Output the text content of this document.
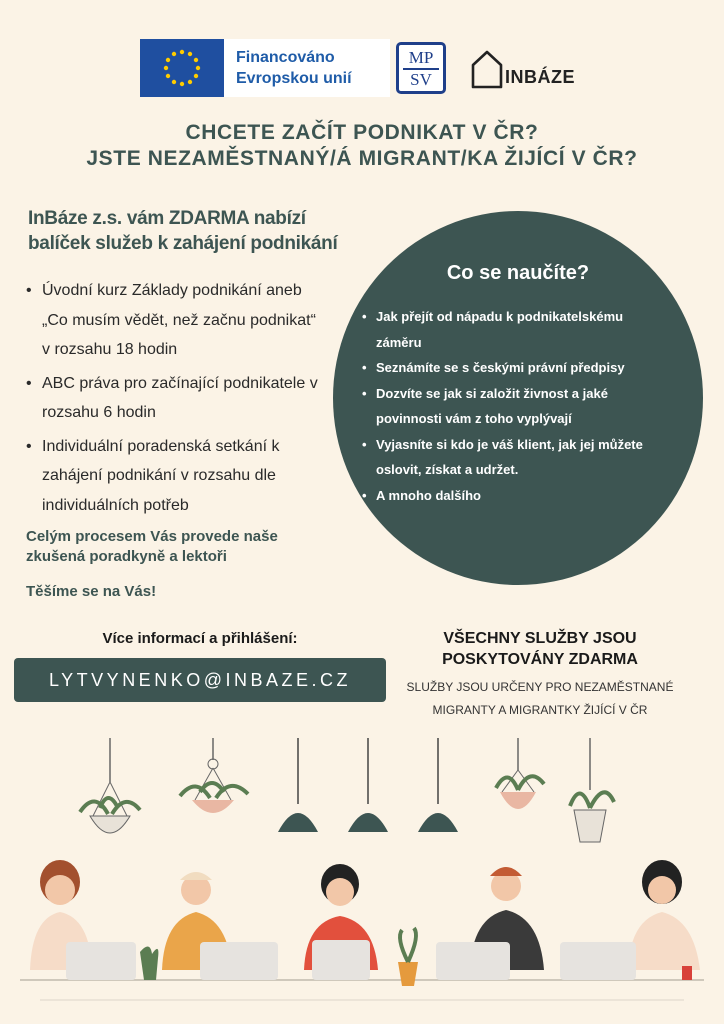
Financováno
Evropskou unií
MP
SV	INBÁZE
CHCETE ZAČÍT PODNIKAT V ČR?
JSTE NEZAMĚSTNANÝ/Á MIGRANT/KA ŽIJÍCÍ V ČR?
InBáze z.s. vám ZDARMA nabízí
balíček služeb k zahájení podnikání
• Úvodní kurz Základy podnikání aneb „Co musím vědět, než začnu podnikat“ v rozsahu 18 hodin
• ABC práva pro začínající podnikatele v rozsahu 6 hodin
• Individuální poradenská setkání k zahájení podnikání v rozsahu dle individuálních potřeb
Celým procesem Vás provede naše
zkušená poradkyně a lektoři
Těšíme se na Vás!
Co se naučíte?
• Jak přejít od nápadu k podnikatelskému záměru
• Seznámíte se s českými právní předpisy
• Dozvíte se jak si založit živnost a jaké povinnosti vám z toho vyplývají
• Vyjasníte si kdo je váš klient, jak jej můžete oslovit, získat a udržet.
• A mnoho dalšího
Více informací a přihlášení:
LYTVYNENKO@INBAZE.CZ
VŠECHNY SLUŽBY JSOU
POSKYTOVÁNY ZDARMA
SLUŽBY JSOU URČENY PRO NEZAMĚSTNANÉ
MIGRANTY A MIGRANTKY ŽIJÍCÍ V ČR
